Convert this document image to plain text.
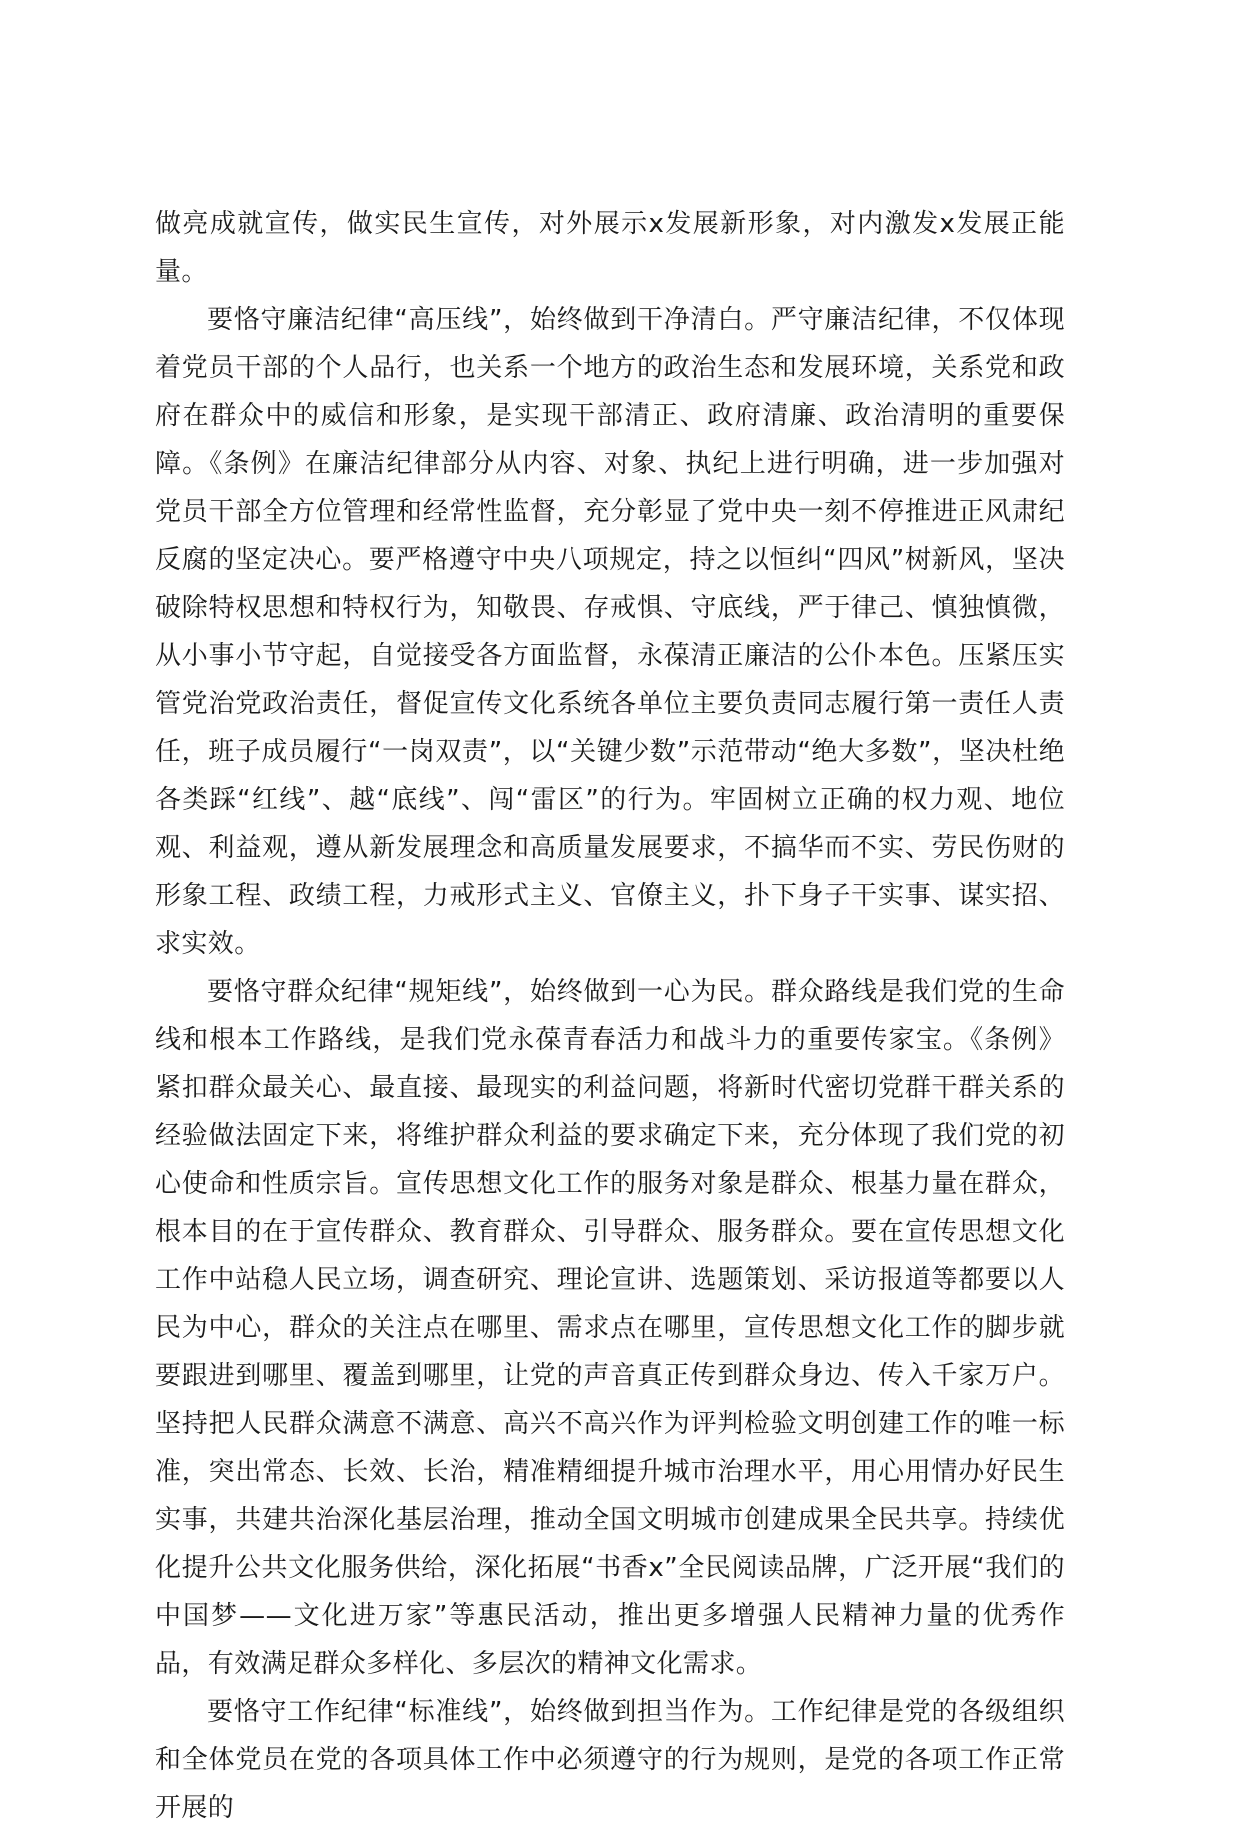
做亮成就宣传，做实民生宣传，对外展示x发展新形象，对内激发x发展正能量。

要恪守廉洁纪律“高压线”，始终做到干净清白。严守廉洁纪律，不仅体现着党员干部的个人品行，也关系一个地方的政治生态和发展环境，关系党和政府在群众中的威信和形象，是实现干部清正、政府清廉、政治清明的重要保障。《条例》在廉洁纪律部分从内容、对象、执纪上进行明确，进一步加强对党员干部全方位管理和经常性监督，充分彰显了党中央一刻不停推进正风肃纪反腐的坚定决心。要严格遵守中央八项规定，持之以恒纠“四风”树新风，坚决破除特权思想和特权行为，知敬畏、存戒惧、守底线，严于律己、慎独慎微，从小事小节守起，自觉接受各方面监督，永葆清正廉洁的公仆本色。压紧压实管党治党政治责任，督促宣传文化系统各单位主要负责同志履行第一责任人责任，班子成员履行“一岗双责”，以“关键少数”示范带动“绝大多数”，坚决杜绝各类踩“红线”、越“底线”、闯“雷区”的行为。牢固树立正确的权力观、地位观、利益观，遵从新发展理念和高质量发展要求，不搞华而不实、劳民伤财的形象工程、政绩工程，力戒形式主义、官僚主义，扑下身子干实事、谋实招、求实效。

要恪守群众纪律“规矩线”，始终做到一心为民。群众路线是我们党的生命线和根本工作路线，是我们党永葆青春活力和战斗力的重要传家宝。《条例》紧扣群众最关心、最直接、最现实的利益问题，将新时代密切党群干群关系的经验做法固定下来，将维护群众利益的要求确定下来，充分体现了我们党的初心使命和性质宗旨。宣传思想文化工作的服务对象是群众、根基力量在群众，根本目的在于宣传群众、教育群众、引导群众、服务群众。要在宣传思想文化工作中站稳人民立场，调查研究、理论宣讲、选题策划、采访报道等都要以人民为中心，群众的关注点在哪里、需求点在哪里，宣传思想文化工作的脚步就要跟进到哪里、覆盖到哪里，让党的声音真正传到群众身边、传入千家万户。坚持把人民群众满意不满意、高兴不高兴作为评判检验文明创建工作的唯一标准，突出常态、长效、长治，精准精细提升城市治理水平，用心用情办好民生实事，共建共治深化基层治理，推动全国文明城市创建成果全民共享。持续优化提升公共文化服务供给，深化拓展“书香x”全民阅读品牌，广泛开展“我们的中国梦——文化进万家”等惠民活动，推出更多增强人民精神力量的优秀作品，有效满足群众多样化、多层次的精神文化需求。

要恪守工作纪律“标准线”，始终做到担当作为。工作纪律是党的各级组织和全体党员在党的各项具体工作中必须遵守的行为规则，是党的各项工作正常开展的
